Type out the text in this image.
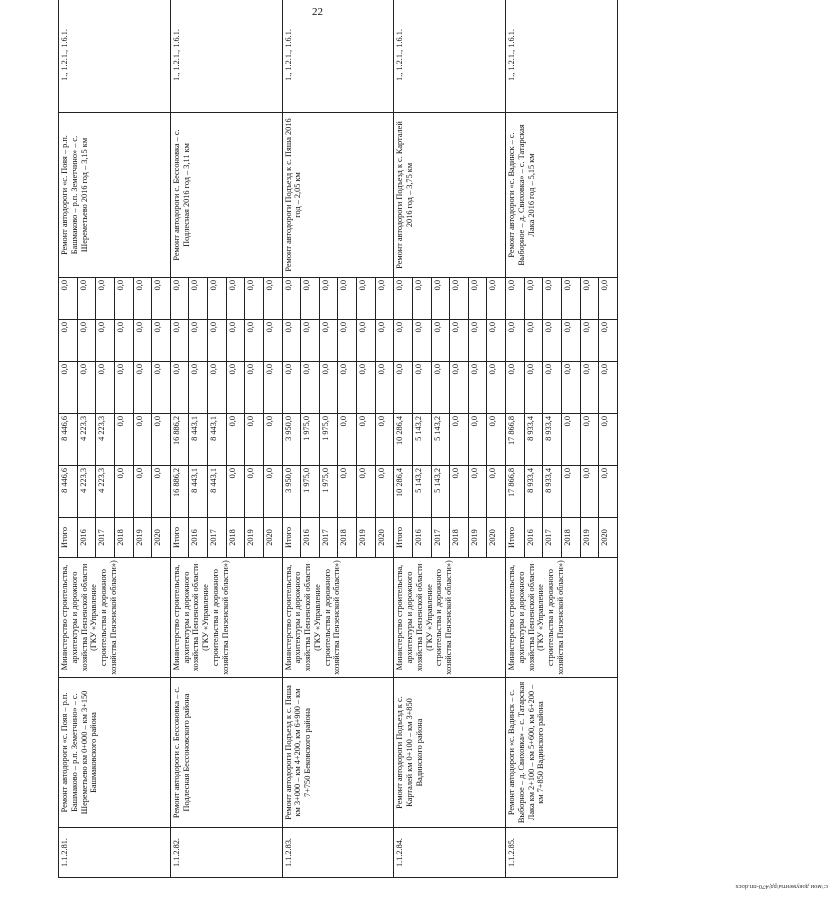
22
1.1.2.81.	Ремонт автодороги «с. Пояя – р.п. Башмаково – р.п. Земетчино» – с. Шереметьево км 0+000 – км 3+150 Башмаковского района	Министерство строительства, архитектуры и дорожного хозяйства Пензенской области (ГКУ «Управление строительства и дорожного хозяйства Пензенской области»)	Итого	8 446,6	8 446,6	0,0	0,0	0,0	Ремонт автодороги «с. Пояя – р.п. Башмаково – р.п. Земетчино» – с. Шереметьево 2016 год – 3,15 км	1., 1.2.1., 1.6.1.
			2016	4 223,3	4 223,3	0,0	0,0	0,0		
			2017	4 223,3	4 223,3	0,0	0,0	0,0		
			2018	0,0	0,0	0,0	0,0	0,0		
			2019	0,0	0,0	0,0	0,0	0,0		
			2020	0,0	0,0	0,0	0,0	0,0		
1.1.2.82.	Ремонт автодороги с. Бессоновка – с. Подлесная Бессоновского района	Министерство строительства, архитектуры и дорожного хозяйства Пензенской области (ГКУ «Управление строительства и дорожного хозяйства Пензенской области»)	Итого	16 886,2	16 886,2	0,0	0,0	0,0	Ремонт автодороги с. Бессоновка – с. Подлесная 2016 год – 3,11 км	1., 1.2.1., 1.6.1.
			2016	8 443,1	8 443,1	0,0	0,0	0,0		
			2017	8 443,1	8 443,1	0,0	0,0	0,0		
			2018	0,0	0,0	0,0	0,0	0,0		
			2019	0,0	0,0	0,0	0,0	0,0		
			2020	0,0	0,0	0,0	0,0	0,0		
1.1.2.83.	Ремонт автодороги Подъезд к с. Пяша км 3+000 – км 4+200, км 6+900 – км 7+750 Бековского района	Министерство строительства, архитектуры и дорожного хозяйства Пензенской области (ГКУ «Управление строительства и дорожного хозяйства Пензенской области»)	Итого	3 950,0	3 950,0	0,0	0,0	0,0	Ремонт автодороги Подъезд к с. Пяша 2016 год – 2,05 км	1., 1.2.1., 1.6.1.
			2016	1 975,0	1 975,0	0,0	0,0	0,0		
			2017	1 975,0	1 975,0	0,0	0,0	0,0		
			2018	0,0	0,0	0,0	0,0	0,0		
			2019	0,0	0,0	0,0	0,0	0,0		
			2020	0,0	0,0	0,0	0,0	0,0		
1.1.2.84.	Ремонт автодороги Подъезд к с. Карталей км 0+100 – км 3+850 Вадинского района	Министерство строительства, архитектуры и дорожного хозяйства Пензенской области (ГКУ «Управление строительства и дорожного хозяйства Пензенской области»)	Итого	10 286,4	10 286,4	0,0	0,0	0,0	Ремонт автодороги Подъезд к с. Карталей 2016 год – 3,75 км	1., 1.2.1., 1.6.1.
			2016	5 143,2	5 143,2	0,0	0,0	0,0		
			2017	5 143,2	5 143,2	0,0	0,0	0,0		
			2018	0,0	0,0	0,0	0,0	0,0		
			2019	0,0	0,0	0,0	0,0	0,0		
			2020	0,0	0,0	0,0	0,0	0,0		
1.1.2.85.	Ремонт автодороги «с. Вадинск – с. Выборное – д. Свиховка» – с. Татарская Лака км 2+100 – км 5+600, км 6+200 – км 7+850 Вадинского района	Министерство строительства, архитектуры и дорожного хозяйства Пензенской области (ГКУ «Управление строительства и дорожного хозяйства Пензенской области»)	Итого	17 866,8	17 866,8	0,0	0,0	0,0	Ремонт автодороги «с. Вадинск – с. Выборное – д. Свиховка» – с. Татарская Лака 2016 год – 5,15 км	1., 1.2.1., 1.6.1.
			2016	8 933,4	8 933,4	0,0	0,0	0,0		
			2017	8 933,4	8 933,4	0,0	0,0	0,0		
			2018	0,0	0,0	0,0	0,0	0,0		
			2019	0,0	0,0	0,0	0,0	0,0		
			2020	0,0	0,0	0,0	0,0	0,0		
c:\мои документы\рд\470-пп.docx
